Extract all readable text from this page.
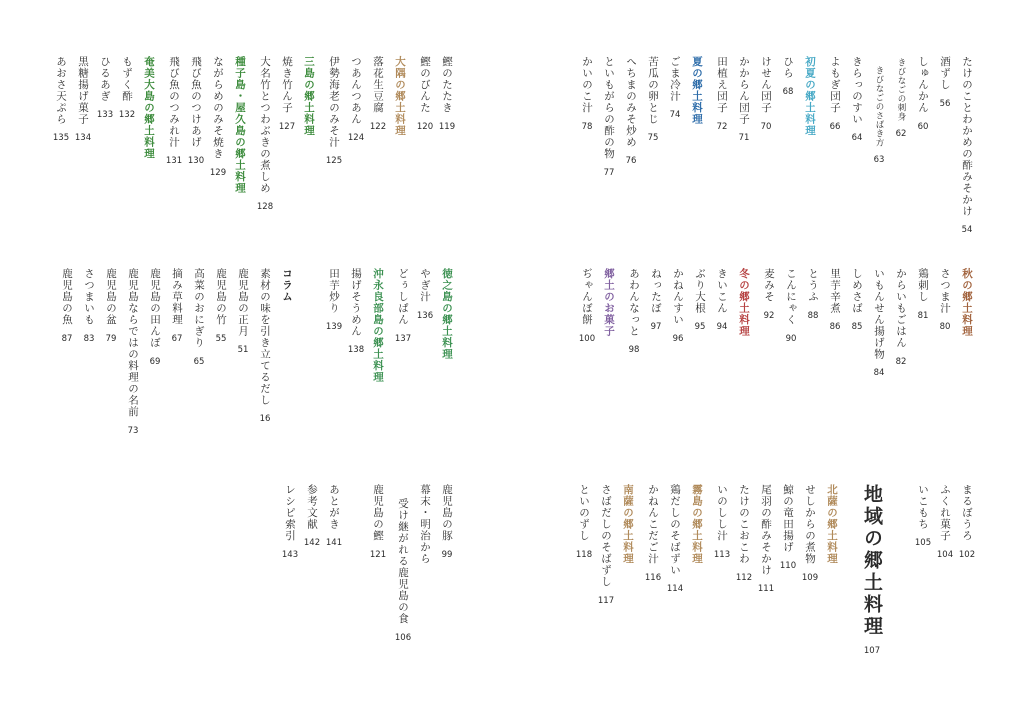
たけのことわかめの酢みそかけ
54
酒ずし
56
しゅんかん
60
きびなごの刺身
62
きびなごのさばき方
63
きらっのすい
64
よもぎ団子
66
初夏の郷土料理
ひら
68
けせん団子
70
かからん団子
71
田植え団子
72
夏の郷土料理
ごま冷汁
74
苦瓜の卵とじ
75
へちまのみそ炒め
76
といもがらの酢の物
77
かいのこ汁
78
秋の郷土料理
さつま汁
80
鶏刺し
81
からいもごはん
82
いもんせん揚げ物
84
しめさば
85
里芋辛煮
86
とうふ
88
こんにゃく
90
麦みそ
92
冬の郷土料理
きいこん
94
ぶり大根
95
かねんすい
96
ねったぼ
97
あわんなっと
98
郷土のお菓子
ぢゃんぼ餅
100
まるぼうろ
102
ふくれ菓子
104
いこもち
105
北薩の郷土料理
せしからの煮物
109
鯨の竜田揚げ
110
尾羽の酢みそかけ
111
たけのこおこわ
112
いのしし汁
113
霧島の郷土料理
鶏だしのそばずい
114
かねんこだご汁
116
南薩の郷土料理
さばだしのそばずし
117
といのずし
118
鰹のたたき
119
鰹のびんた
120
大隅の郷土料理
落花生豆腐
122
つあんつあん
124
伊勢海老のみそ汁
125
三島の郷土料理
焼き竹ん子
127
大名竹とつわぶきの煮しめ
128
種子島・屋久島の郷土料理
ながらめのみそ焼き
129
飛び魚のつけあげ
130
飛び魚のつみれ汁
131
奄美大島の郷土料理
もずく酢
132
ひるあぎ
133
黒糖揚げ菓子
134
あおさ天ぷら
135
徳之島の郷土料理
やぎ汁
136
どぅしぱん
137
沖永良部島の郷土料理
揚げそうめん
138
田芋炒り
139
コラム
素材の味を引き立てるだし
16
鹿児島の正月
51
鹿児島の竹
55
高菜のおにぎり
65
摘み草料理
67
鹿児島の田んぼ
69
鹿児島ならではの料理の名前
73
鹿児島の盆
79
さつまいも
83
鹿児島の魚
87
鹿児島の豚
99
幕末・明治から
受け継がれる鹿児島の食
106
鹿児島の鰹
121
あとがき
141
参考文献
142
レシピ索引
143	地域の郷土料理
107
